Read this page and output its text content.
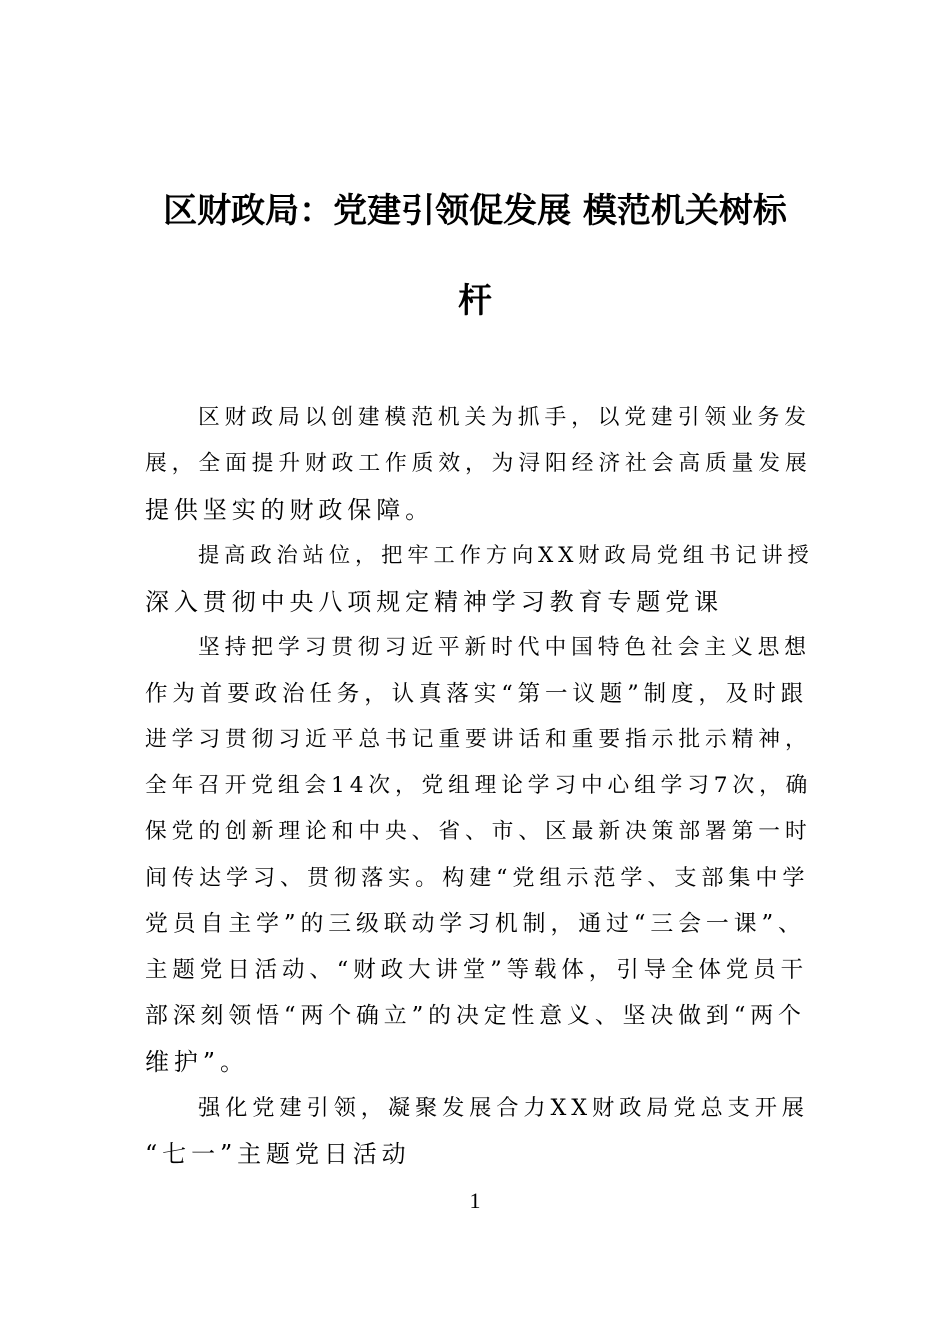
区财政局：党建引领促发展 模范机关树标
杆

区财政局以创建模范机关为抓手，以党建引领业务发
展，全面提升财政工作质效，为浔阳经济社会高质量发展
提供坚实的财政保障。

提高政治站位，把牢工作方向XX财政局党组书记讲授
深入贯彻中央八项规定精神学习教育专题党课

坚持把学习贯彻习近平新时代中国特色社会主义思想
作为首要政治任务，认真落实“第一议题”制度，及时跟
进学习贯彻习近平总书记重要讲话和重要指示批示精神，
全年召开党组会14次，党组理论学习中心组学习7次，确
保党的创新理论和中央、省、市、区最新决策部署第一时
间传达学习、贯彻落实。构建“党组示范学、支部集中学
党员自主学”的三级联动学习机制，通过“三会一课”、
主题党日活动、“财政大讲堂”等载体，引导全体党员干
部深刻领悟“两个确立”的决定性意义、坚决做到“两个
维护”。

强化党建引领，凝聚发展合力XX财政局党总支开展
“七一”主题党日活动

1
